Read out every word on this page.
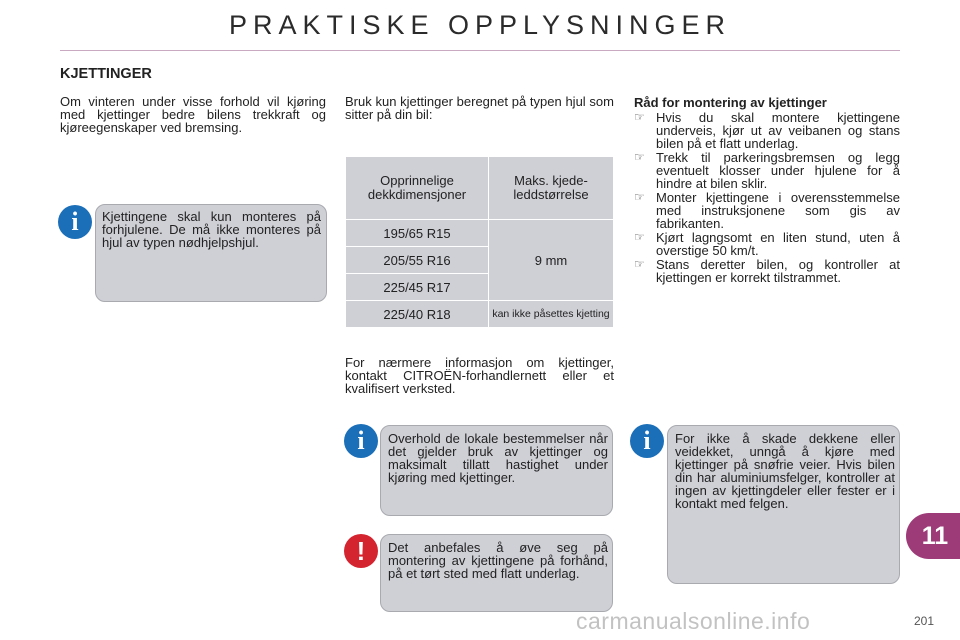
PRAKTISKE OPPLYSNINGER
KJETTINGER
Om vinteren under visse forhold vil kjøring med kjettinger bedre bilens trekkraft og kjøreegenskaper ved bremsing.
i	Kjettingene skal kun monteres på forhjulene. De må ikke monteres på hjul av typen nødhjelpshjul.
Bruk kun kjettinger beregnet på typen hjul som sitter på din bil:
Opprinnelige dekkdimensjoner	Maks. kjede-leddstørrelse
195/65 R15	9 mm
205/55 R16	
225/45 R17	
225/40 R18	kan ikke påsettes kjetting
For nærmere informasjon om kjettinger, kontakt CITROËN-forhandlernett eller et kvalifisert verksted.
i	Overhold de lokale bestemmelser når det gjelder bruk av kjettinger og maksimalt tillatt hastighet under kjøring med kjettinger.
!	Det anbefales å øve seg på montering av kjettingene på forhånd, på et tørt sted med flatt underlag.
Råd for montering av kjettinger
☞ Hvis du skal montere kjettingene underveis, kjør ut av veibanen og stans bilen på et flatt underlag.
☞ Trekk til parkeringsbremsen og legg eventuelt klosser under hjulene for å hindre at bilen sklir.
☞ Monter kjettingene i overensstemmelse med instruksjonene som gis av fabrikanten.
☞ Kjørt lagngsomt en liten stund, uten å overstige 50 km/t.
☞ Stans deretter bilen, og kontroller at kjettingen er korrekt tilstrammet.
i	For ikke å skade dekkene eller veidekket, unngå å kjøre med kjettinger på snøfrie veier. Hvis bilen din har aluminiumsfelger, kontroller at ingen av kjettingdeler eller fester er i kontakt med felgen.
11
201
carmanualsonline.info
